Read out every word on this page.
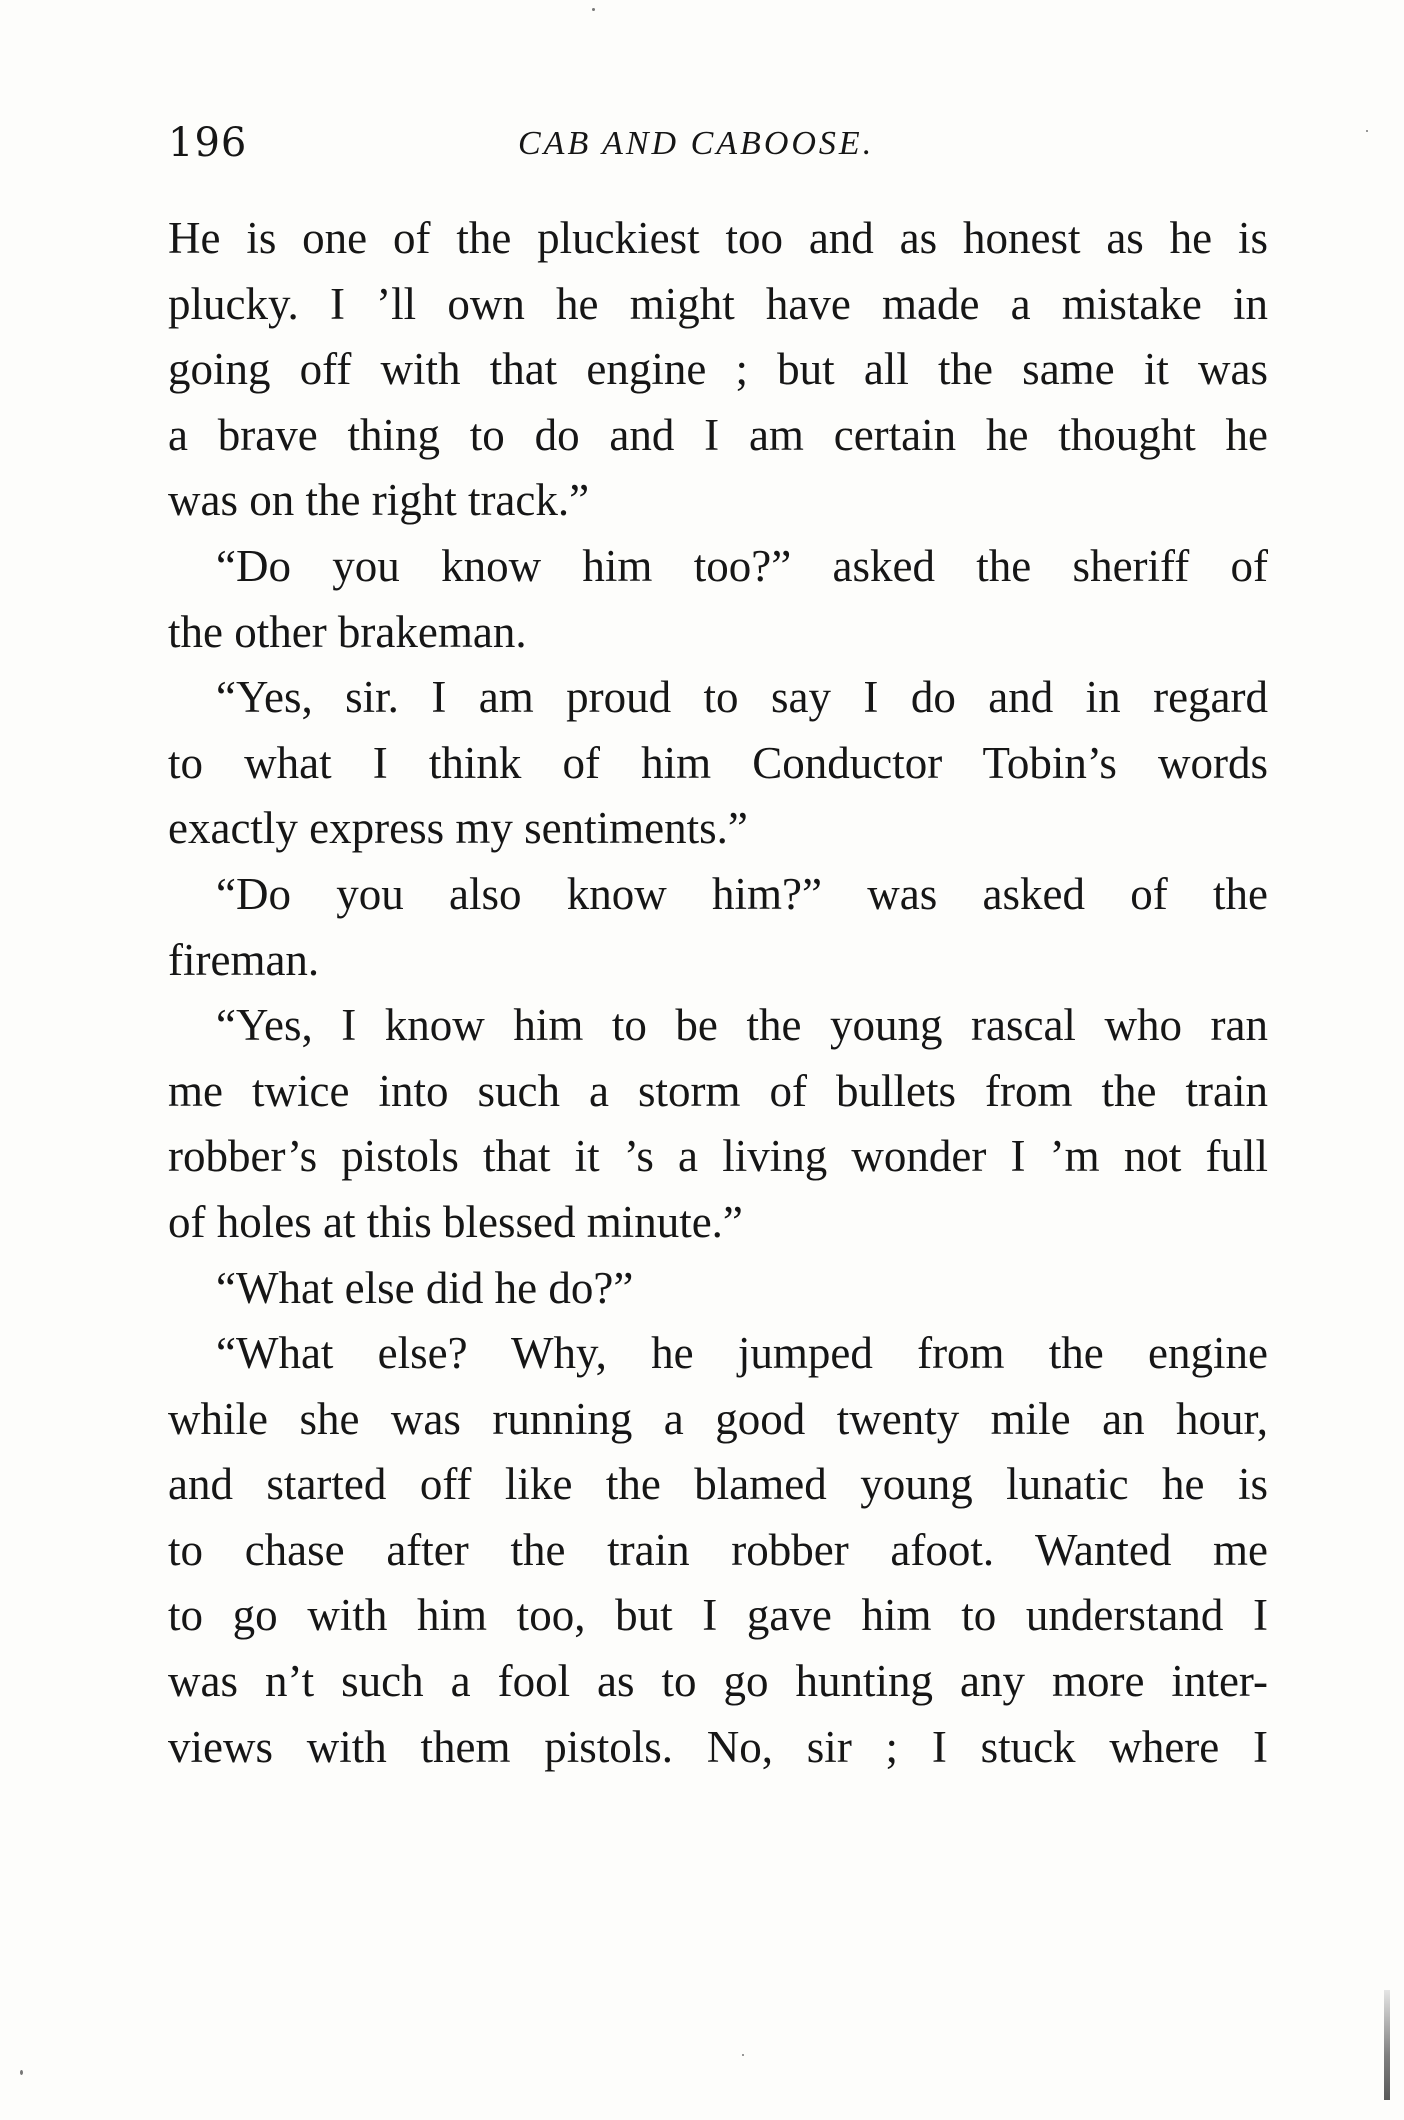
196	CAB AND CABOOSE.
He is one of the pluckiest too and as honest as he is
plucky. I ’ll own he might have made a mistake in
going off with that engine ; but all the same it was
a brave thing to do and I am certain he thought he
was on the right track.”
“Do you know him too?” asked the sheriff of
the other brakeman.
“Yes, sir. I am proud to say I do and in regard
to what I think of him Conductor Tobin’s words
exactly express my sentiments.”
“Do you also know him?” was asked of the
fireman.
“Yes, I know him to be the young rascal who ran
me twice into such a storm of bullets from the train
robber’s pistols that it ’s a living wonder I ’m not full
of holes at this blessed minute.”
“What else did he do?”
“What else? Why, he jumped from the engine
while she was running a good twenty mile an hour,
and started off like the blamed young lunatic he is
to chase after the train robber afoot. Wanted me
to go with him too, but I gave him to understand I
was n’t such a fool as to go hunting any more inter-
views with them pistols. No, sir ; I stuck where I
